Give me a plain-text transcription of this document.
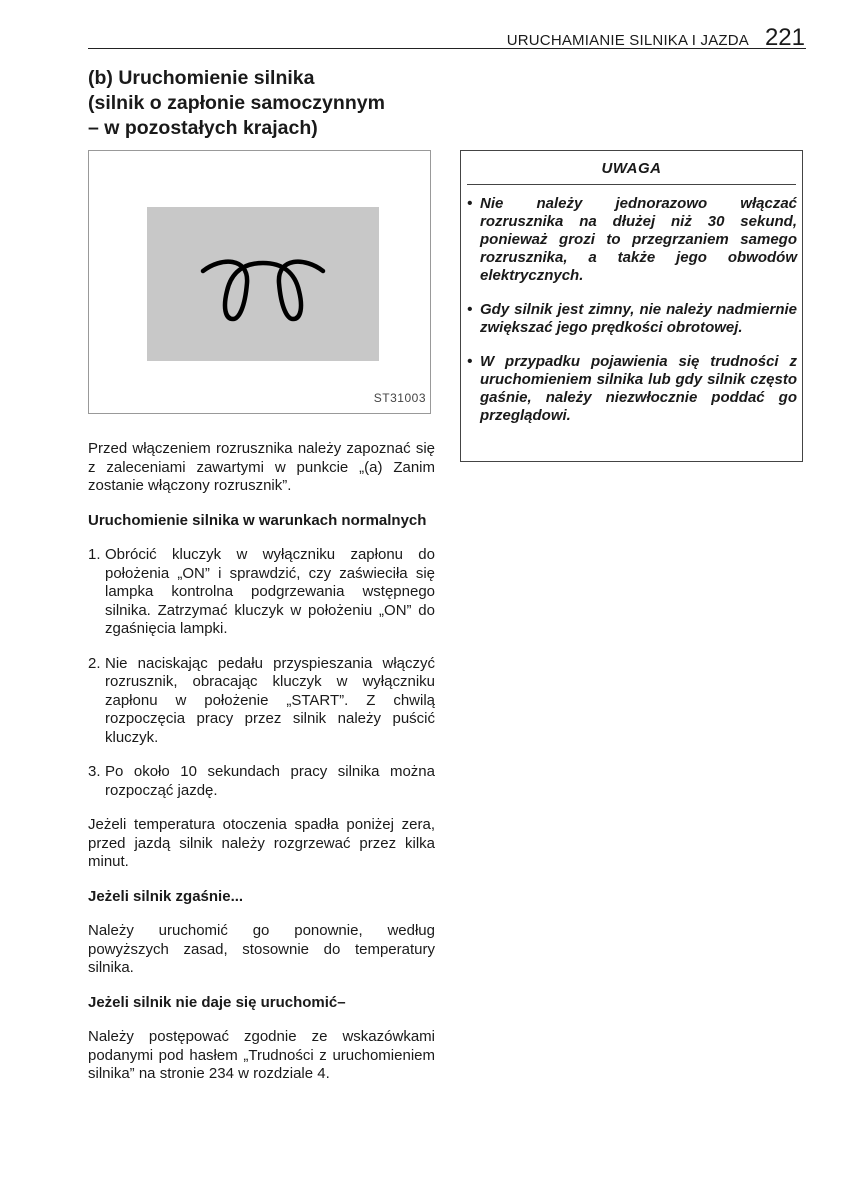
URUCHAMIANIE SILNIKA I JAZDA 221
(b) Uruchomienie silnika
(silnik o zapłonie samoczynnym
– w pozostałych krajach)
ST31003

Przed włączeniem rozrusznika należy zapoznać się z zaleceniami zawartymi w punkcie „(a) Zanim zostanie włączony rozrusznik”.

Uruchomienie silnika w warunkach normalnych

1. Obrócić kluczyk w wyłączniku zapłonu do położenia „ON” i sprawdzić, czy zaświeciła się lampka kontrolna podgrzewania wstępnego silnika. Zatrzymać kluczyk w położeniu „ON” do zgaśnięcia lampki.
2. Nie naciskając pedału przyspieszania włączyć rozrusznik, obracając kluczyk w wyłączniku zapłonu w położenie „START”. Z chwilą rozpoczęcia pracy przez silnik należy puścić kluczyk.
3. Po około 10 sekundach pracy silnika można rozpocząć jazdę.

Jeżeli temperatura otoczenia spadła poniżej zera, przed jazdą silnik należy rozgrzewać przez kilka minut.

Jeżeli silnik zgaśnie...

Należy uruchomić go ponownie, według powyższych zasad, stosownie do temperatury silnika.

Jeżeli silnik nie daje się uruchomić–

Należy postępować zgodnie ze wskazówkami podanymi pod hasłem „Trudności z uruchomieniem silnika” na stronie 234 w rozdziale 4.

UWAGA
• Nie należy jednorazowo włączać rozrusznika na dłużej niż 30 sekund, ponieważ grozi to przegrzaniem samego rozrusznika, a także jego obwodów elektrycznych.
• Gdy silnik jest zimny, nie należy nadmiernie zwiększać jego prędkości obrotowej.
• W przypadku pojawienia się trudności z uruchomieniem silnika lub gdy silnik często gaśnie, należy niezwłocznie poddać go przeglądowi.
